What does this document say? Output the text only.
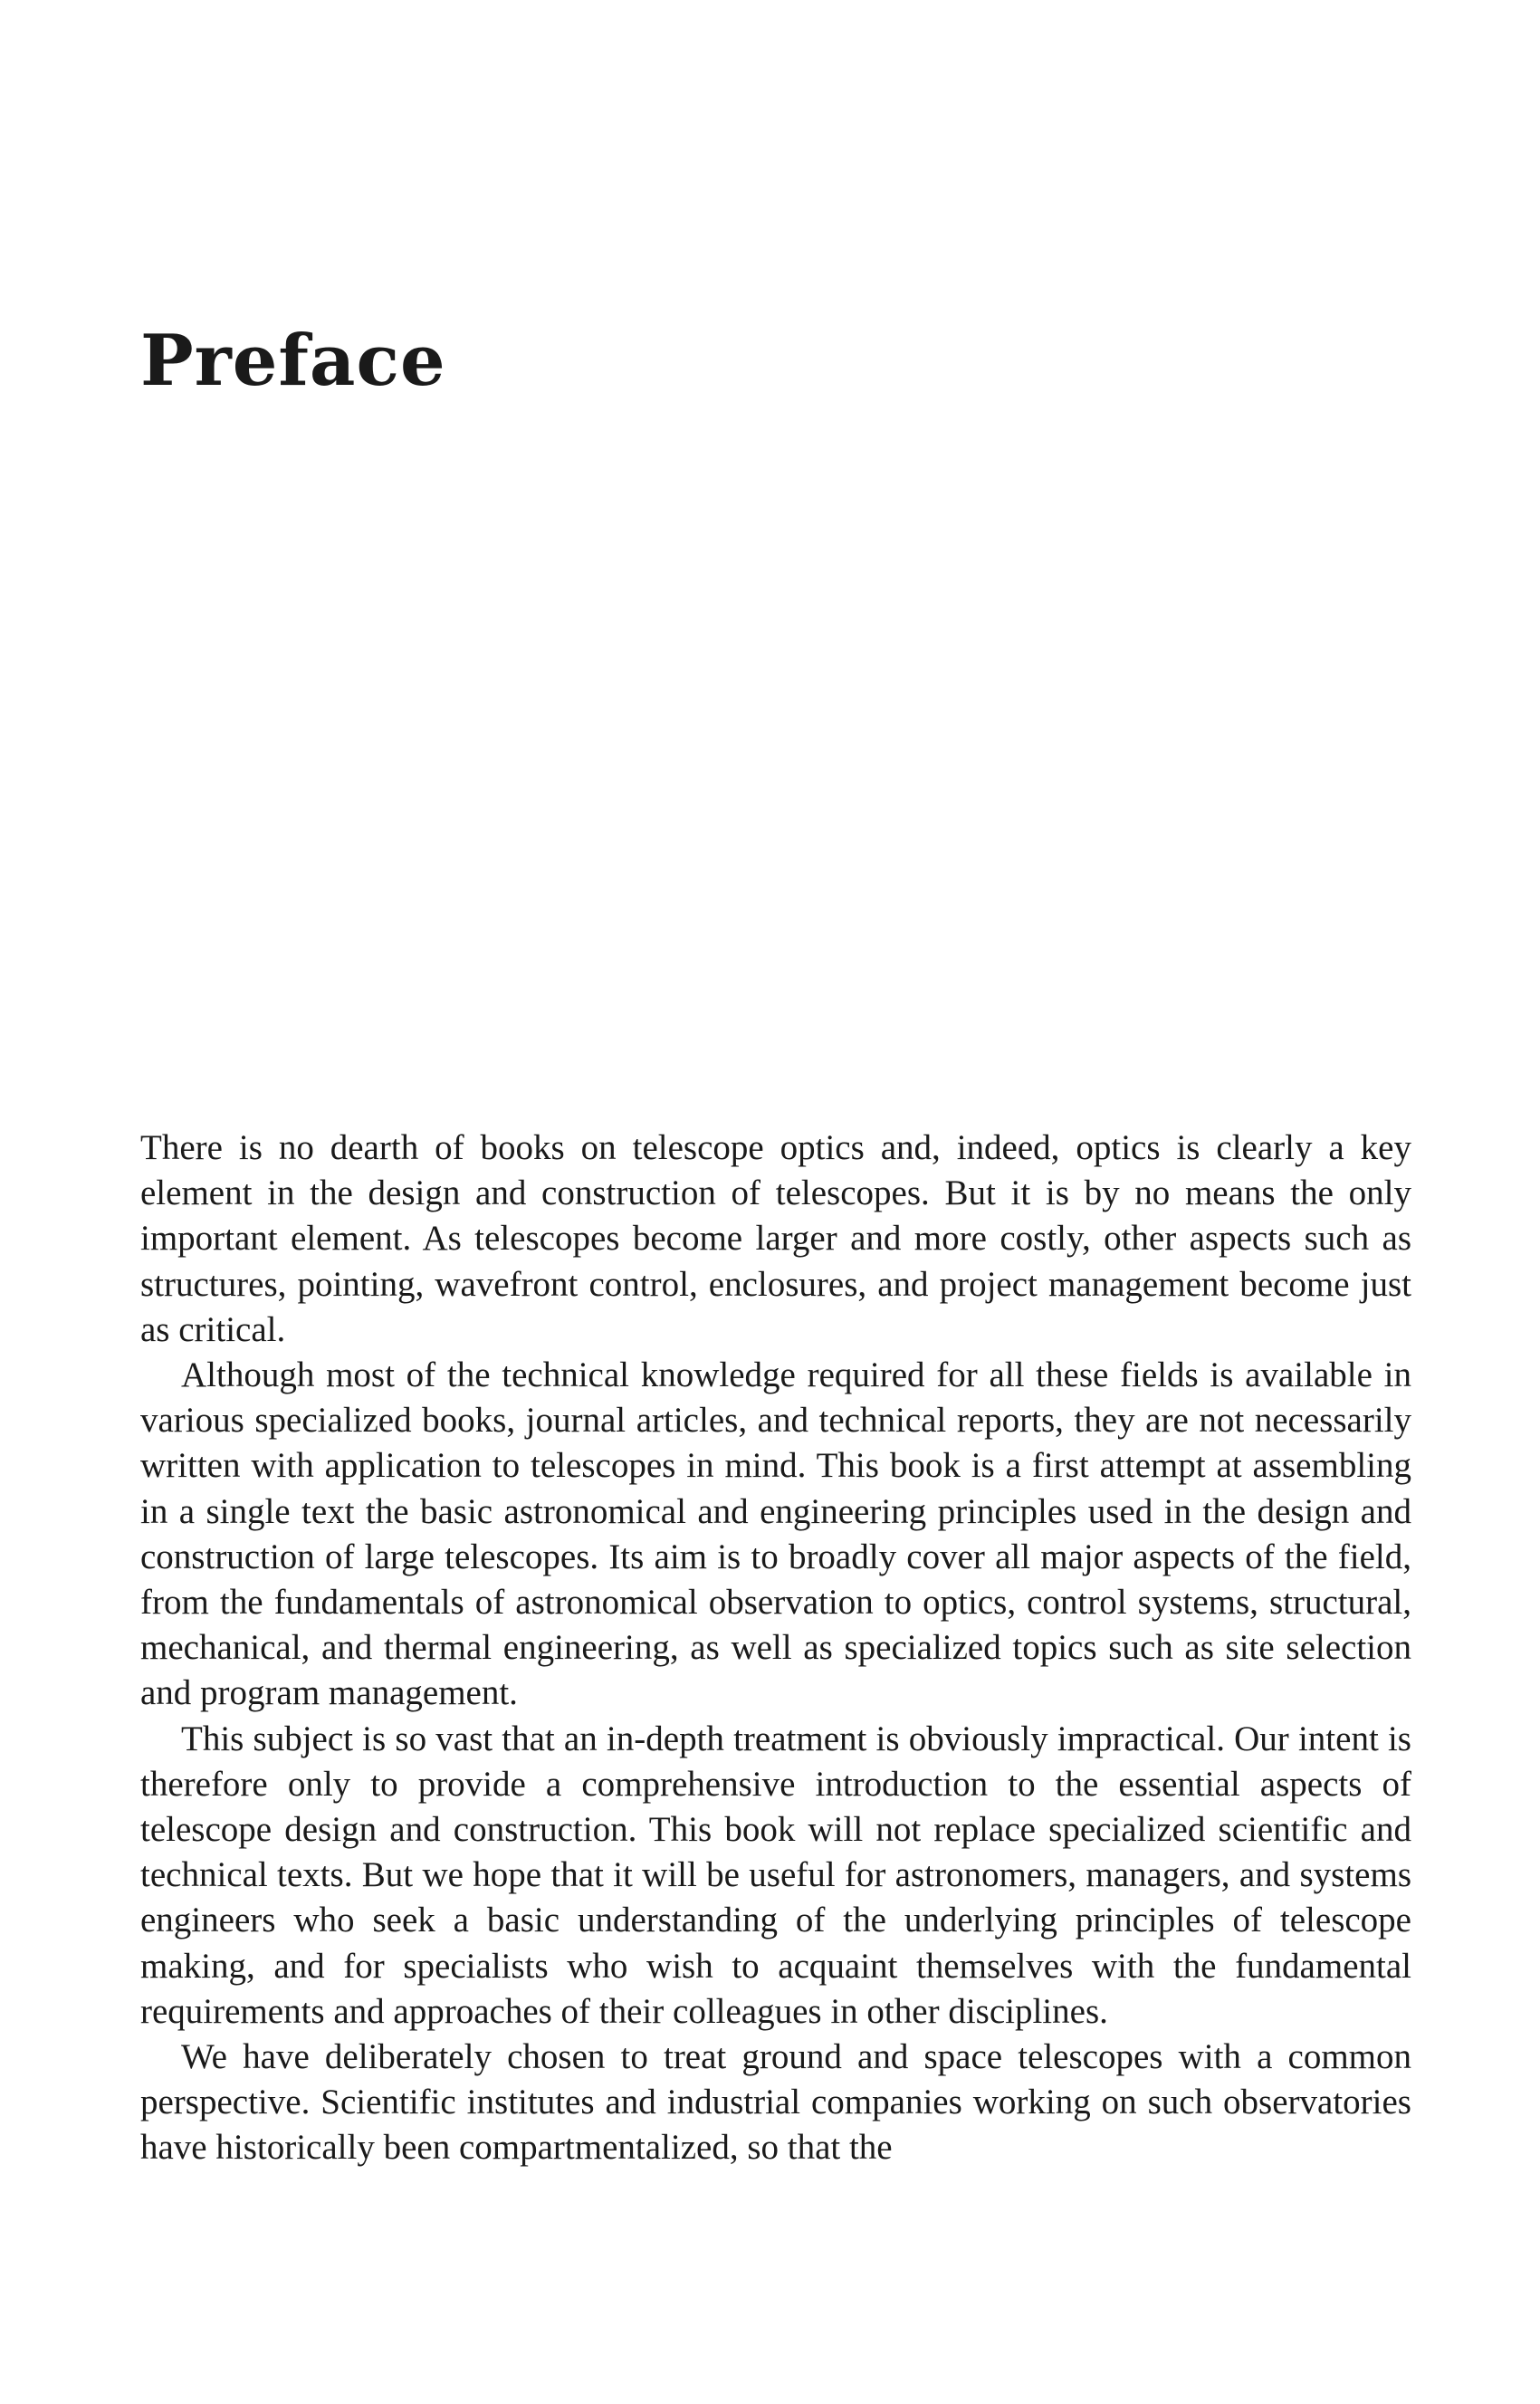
Preface

There is no dearth of books on telescope optics and, indeed, optics is clearly a key element in the design and construction of telescopes. But it is by no means the only important element. As telescopes become larger and more costly, other aspects such as structures, pointing, wavefront control, enclosures, and project management become just as critical.

Although most of the technical knowledge required for all these fields is available in various specialized books, journal articles, and technical reports, they are not necessarily written with application to telescopes in mind. This book is a first attempt at assembling in a single text the basic astronomical and engineering principles used in the design and construction of large telescopes. Its aim is to broadly cover all major aspects of the field, from the fundamentals of astronomical observation to optics, control systems, structural, mechanical, and thermal engineering, as well as specialized topics such as site selection and program management.

This subject is so vast that an in-depth treatment is obviously impractical. Our intent is therefore only to provide a comprehensive introduction to the essential aspects of telescope design and construction. This book will not replace specialized scientific and technical texts. But we hope that it will be useful for astronomers, managers, and systems engineers who seek a basic understanding of the underlying principles of telescope making, and for specialists who wish to acquaint themselves with the fundamental requirements and approaches of their colleagues in other disciplines.

We have deliberately chosen to treat ground and space telescopes with a common perspective. Scientific institutes and industrial companies working on such observatories have historically been compartmentalized, so that the
